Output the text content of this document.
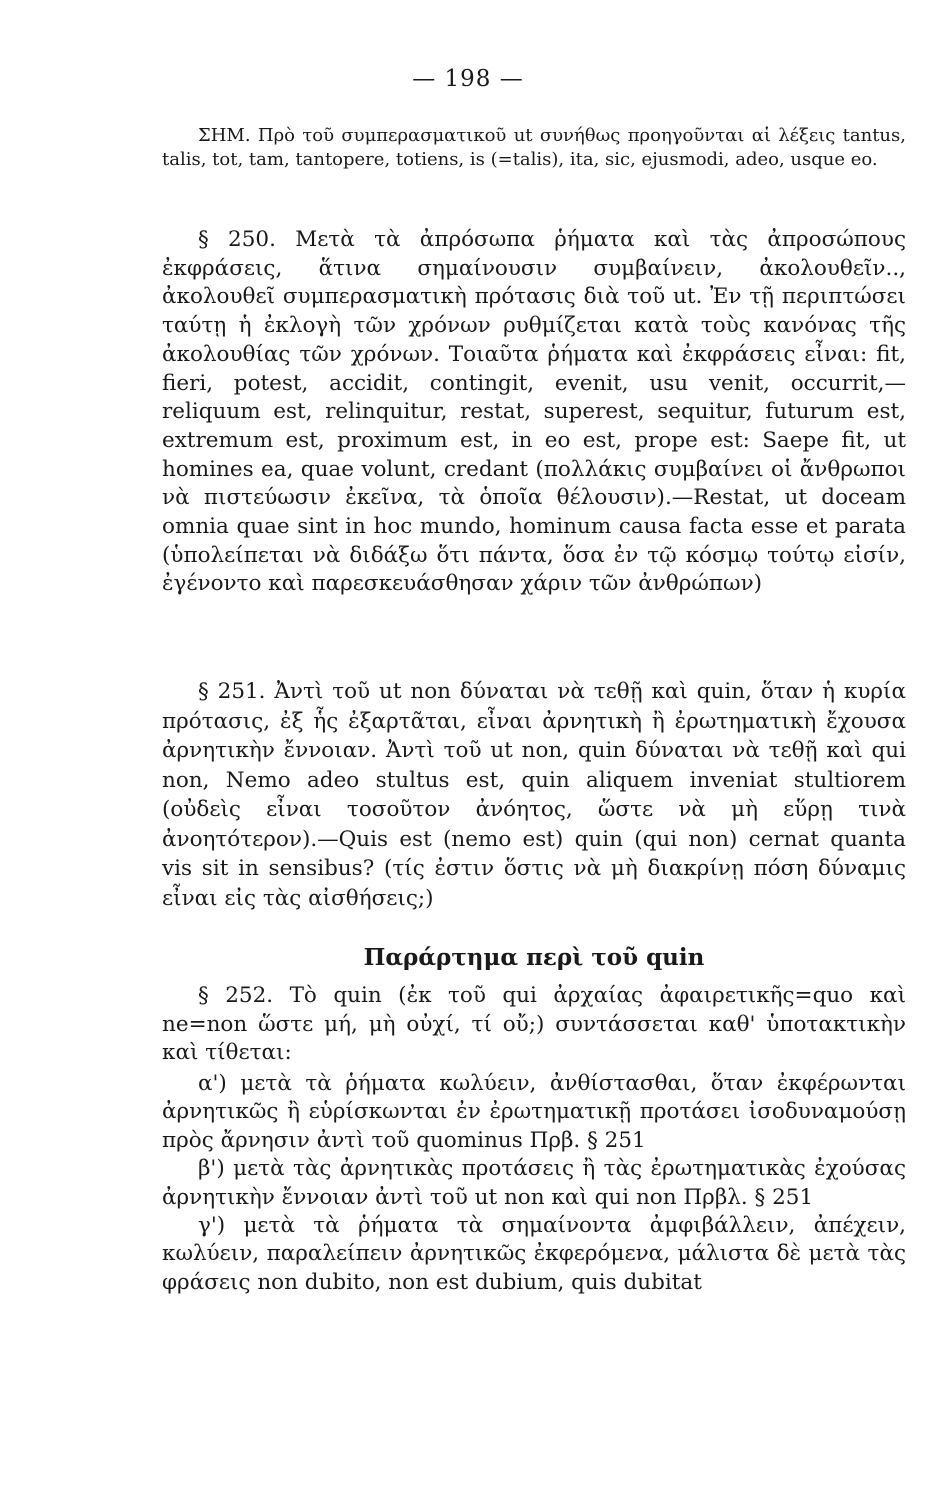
— 198 —

ΣΗΜ. Πρὸ τοῦ συμπερασματικοῦ ut συνήθως προηγοῦνται αἱ λέξεις tantus, talis, tot, tam, tantopere, totiens, is (=talis), ita, sic, ejusmodi, adeo, usque eo.

§ 250. Μετὰ τὰ ἀπρόσωπα ῥήματα καὶ τὰς ἀπροσώπους ἐκφράσεις, ἅτινα σημαίνουσιν συμβαίνειν, ἀκολουθεῖν.., ἀκολουθεῖ συμπερασματικὴ πρότασις διὰ τοῦ ut. Ἐν τῇ περιπτώσει ταύτῃ ἡ ἐκλογὴ τῶν χρόνων ρυθμίζεται κατὰ τοὺς κανόνας τῆς ἀκολουθίας τῶν χρόνων. Τοιαῦτα ῥήματα καὶ ἐκφράσεις εἶναι: fit, fieri, potest, accidit, contingit, evenit, usu venit, occurrit,—reliquum est, relinquitur, restat, superest, sequitur, futurum est, extremum est, proximum est, in eo est, prope est: Saepe fit, ut homines ea, quae volunt, credant (πολλάκις συμβαίνει οἱ ἄνθρωποι νὰ πιστεύωσιν ἐκεῖνα, τὰ ὁποῖα θέλουσιν).—Restat, ut doceam omnia quae sint in hoc mundo, hominum causa facta esse et parata (ὑπολείπεται νὰ διδάξω ὅτι πάντα, ὅσα ἐν τῷ κόσμῳ τούτῳ εἰσίν, ἐγένοντο καὶ παρεσκευάσθησαν χάριν τῶν ἀνθρώπων)

§ 251. Ἀντὶ τοῦ ut non δύναται νὰ τεθῇ καὶ quin, ὅταν ἡ κυρία πρότασις, ἐξ ἧς ἐξαρτᾶται, εἶναι ἀρνητικὴ ἢ ἐρωτηματικὴ ἔχουσα ἀρνητικὴν ἔννοιαν. Ἀντὶ τοῦ ut non, quin δύναται νὰ τεθῇ καὶ qui non, Nemo adeo stultus est, quin aliquem inveniat stultiorem (οὐδεὶς εἶναι τοσοῦτον ἀνόητος, ὥστε νὰ μὴ εὕρῃ τινὰ ἀνοητότερον).—Quis est (nemo est) quin (qui non) cernat quanta vis sit in sensibus? (τίς ἐστιν ὅστις νὰ μὴ διακρίνῃ πόση δύναμις εἶναι εἰς τὰς αἰσθήσεις;)

Παράρτημα περὶ τοῦ quin

§ 252. Τὸ quin (ἐκ τοῦ qui ἀρχαίας ἀφαιρετικῆς=quo καὶ ne=non ὥστε μή, μὴ οὐχί, τί οὔ;) συντάσσεται καθ' ὑποτακτικὴν καὶ τίθεται:

α') μετὰ τὰ ῥήματα κωλύειν, ἀνθίστασθαι, ὅταν ἐκφέρωνται ἀρνητικῶς ἢ εὑρίσκωνται ἐν ἐρωτηματικῇ προτάσει ἰσοδυναμούσῃ πρὸς ἄρνησιν ἀντὶ τοῦ quominus Πρβ. § 251

β') μετὰ τὰς ἀρνητικὰς προτάσεις ἢ τὰς ἐρωτηματικὰς ἐχούσας ἀρνητικὴν ἔννοιαν ἀντὶ τοῦ ut non καὶ qui non Πρβλ. § 251

γ') μετὰ τὰ ῥήματα τὰ σημαίνοντα ἀμφιβάλλειν, ἀπέχειν, κωλύειν, παραλείπειν ἀρνητικῶς ἐκφερόμενα, μάλιστα δὲ μετὰ τὰς φράσεις non dubito, non est dubium, quis dubitat
